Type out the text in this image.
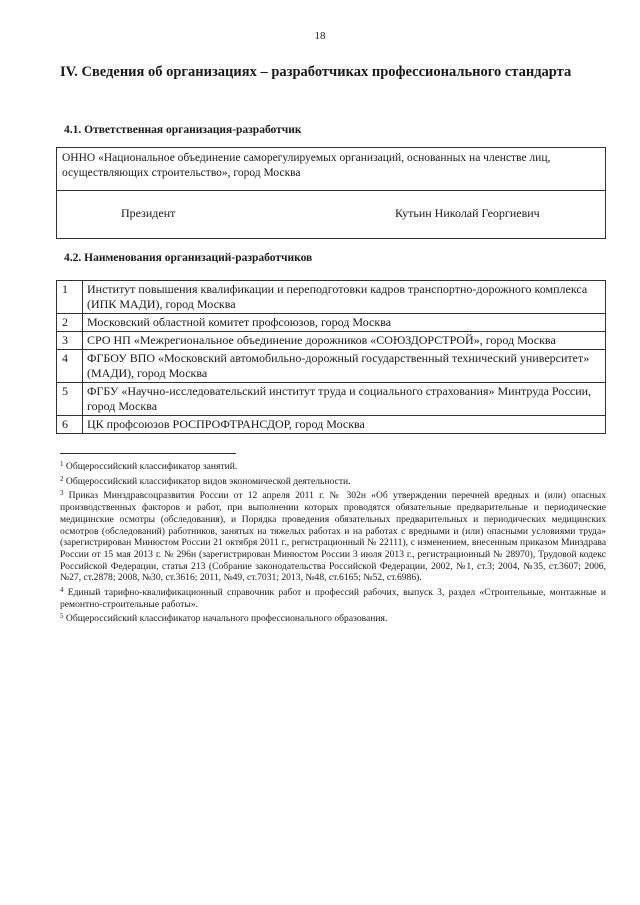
18
IV. Сведения об организациях – разработчиках профессионального стандарта
4.1. Ответственная организация-разработчик
ОННО «Национальное объединение саморегулируемых организаций, основанных на членстве лиц, осуществляющих строительство», город Москва
Президент	Кутьин Николай Георгиевич
4.2. Наименования организаций-разработчиков
1	Институт повышения квалификации и переподготовки кадров транспортно-дорожного комплекса (ИПК МАДИ), город Москва
2	Московский областной комитет профсоюзов, город Москва
3	СРО НП «Межрегиональное объединение дорожников «СОЮЗДОРСТРОЙ», город Москва
4	ФГБОУ ВПО «Московский автомобильно-дорожный государственный технический университет» (МАДИ), город Москва
5	ФГБУ «Научно-исследовательский институт труда и социального страхования» Минтруда России, город Москва
6	ЦК профсоюзов РОСПРОФТРАНСДОР, город Москва

$^1$ Общероссийский классификатор занятий.

$^2$ Общероссийский классификатор видов экономической деятельности.

$^3$ Приказ Минздравсоцразвития России от 12 апреля 2011 г. № 302н «Об утверждении перечней вредных и (или) опасных производственных факторов и работ, при выполнении которых проводятся обязательные предварительные и периодические медицинские осмотры (обследования), и Порядка проведения обязательных предварительных и периодических медицинских осмотров (обследований) работников, занятых на тяжелых работах и на работах с вредными и (или) опасными условиями труда» (зарегистрирован Минюстом России 21 октября 2011 г., регистрационный № 22111), с изменением, внесенным приказом Минздрава России от 15 мая 2013 г. № 296н (зарегистрирован Минюстом России 3 июля 2013 г., регистрационный № 28970), Трудовой кодекс Российской Федерации, статья 213 (Собрание законодательства Российской Федерации, 2002, №1, ст.3; 2004, №35, ст.3607; 2006, №27, ст.2878; 2008, №30, ст.3616; 2011, №49, ст.7031; 2013, №48, ст.6165; №52, ст.6986).

$^4$ Единый тарифно-квалификационный справочник работ и профессий рабочих, выпуск 3, раздел «Строительные, монтажные и ремонтно-строительные работы».

$^5$ Общероссийский классификатор начального профессионального образования.
